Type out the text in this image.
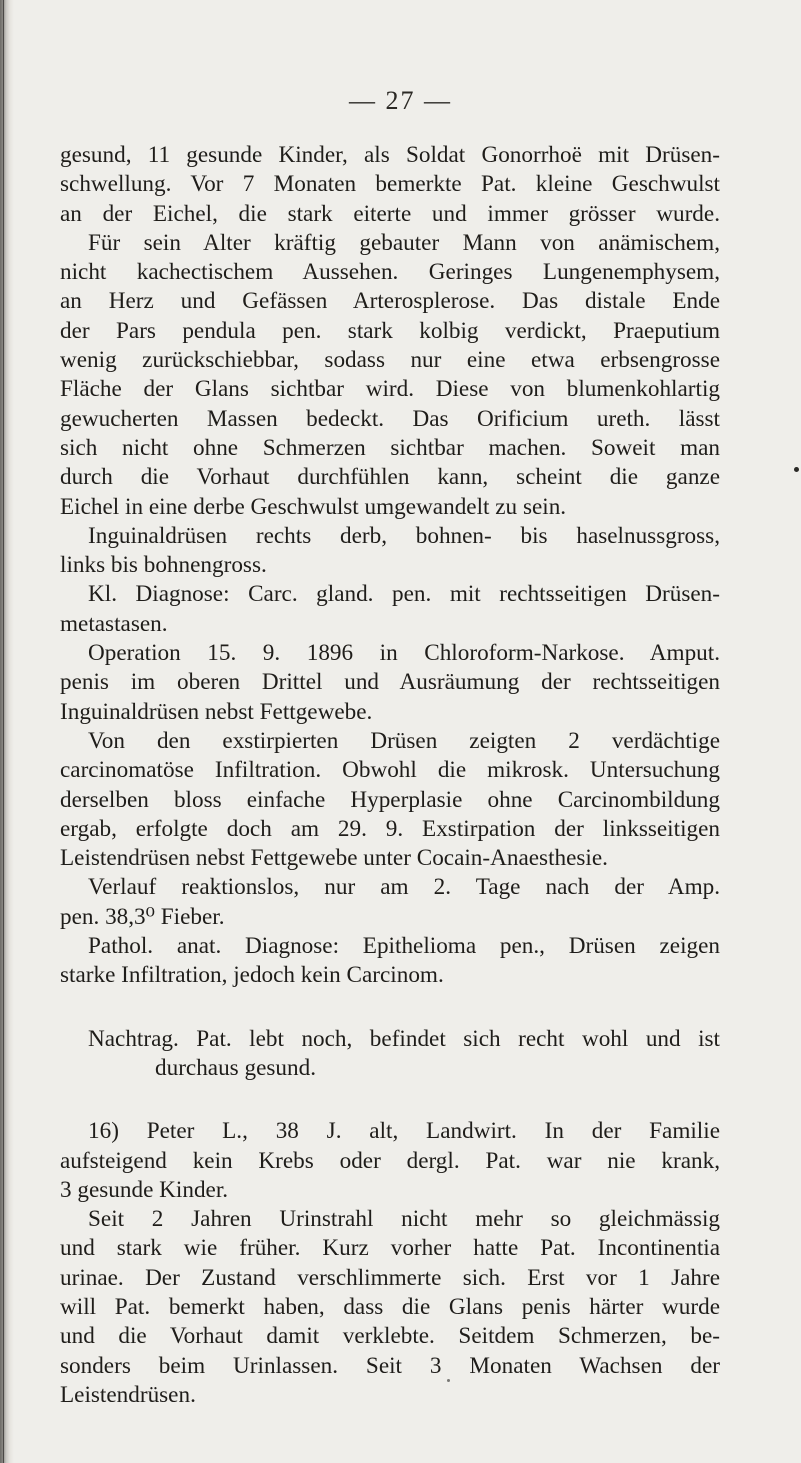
— 27 —
gesund, 11 gesunde Kinder, als Soldat Gonorrhoë mit Drüsen-
schwellung. Vor 7 Monaten bemerkte Pat. kleine Geschwulst
an der Eichel, die stark eiterte und immer grösser wurde.
Für sein Alter kräftig gebauter Mann von anämischem,
nicht kachectischem Aussehen. Geringes Lungenemphysem,
an Herz und Gefässen Arterosplerose. Das distale Ende
der Pars pendula pen. stark kolbig verdickt, Praeputium
wenig zurückschiebbar, sodass nur eine etwa erbsengrosse
Fläche der Glans sichtbar wird. Diese von blumenkohlartig
gewucherten Massen bedeckt. Das Orificium ureth. lässt
sich nicht ohne Schmerzen sichtbar machen. Soweit man
durch die Vorhaut durchfühlen kann, scheint die ganze
Eichel in eine derbe Geschwulst umgewandelt zu sein.
Inguinaldrüsen rechts derb, bohnen- bis haselnussgross,
links bis bohnengross.
Kl. Diagnose: Carc. gland. pen. mit rechtsseitigen Drüsen-
metastasen.
Operation 15. 9. 1896 in Chloroform-Narkose. Amput.
penis im oberen Drittel und Ausräumung der rechtsseitigen
Inguinaldrüsen nebst Fettgewebe.
Von den exstirpierten Drüsen zeigten 2 verdächtige
carcinomatöse Infiltration. Obwohl die mikrosk. Untersuchung
derselben bloss einfache Hyperplasie ohne Carcinombildung
ergab, erfolgte doch am 29. 9. Exstirpation der linksseitigen
Leistendrüsen nebst Fettgewebe unter Cocain-Anaesthesie.
Verlauf reaktionslos, nur am 2. Tage nach der Amp.
pen. 38,3⁰ Fieber.
Pathol. anat. Diagnose: Epithelioma pen., Drüsen zeigen
starke Infiltration, jedoch kein Carcinom.
Nachtrag. Pat. lebt noch, befindet sich recht wohl und ist
durchaus gesund.
16) Peter L., 38 J. alt, Landwirt. In der Familie
aufsteigend kein Krebs oder dergl. Pat. war nie krank,
3 gesunde Kinder.
Seit 2 Jahren Urinstrahl nicht mehr so gleichmässig
und stark wie früher. Kurz vorher hatte Pat. Incontinentia
urinae. Der Zustand verschlimmerte sich. Erst vor 1 Jahre
will Pat. bemerkt haben, dass die Glans penis härter wurde
und die Vorhaut damit verklebte. Seitdem Schmerzen, be-
sonders beim Urinlassen. Seit 3 Monaten Wachsen der
Leistendrüsen.
